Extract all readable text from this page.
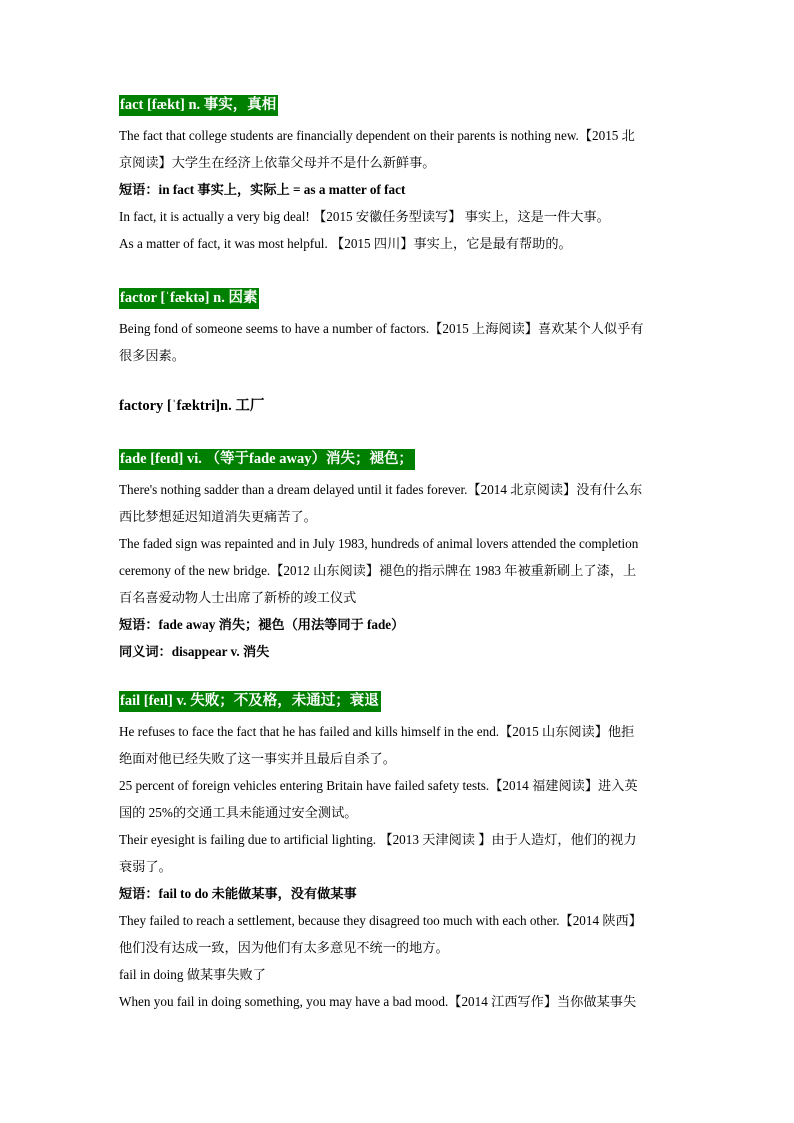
fact [fækt] n. 事实，真相
The fact that college students are financially dependent on their parents is nothing new.【2015 北
京阅读】大学生在经济上依靠父母并不是什么新鲜事。
短语：in fact 事实上，实际上 = as a matter of fact
In fact, it is actually a very big deal! 【2015 安徽任务型读写】 事实上，这是一件大事。
As a matter of fact, it was most helpful. 【2015 四川】事实上，它是最有帮助的。
factor [ˈfæktə] n. 因素
Being fond of someone seems to have a number of factors.【2015 上海阅读】喜欢某个人似乎有
很多因素。
factory [ˈfæktri]n. 工厂
fade [feɪd] vi. （等于fade away）消失；褪色；
There's nothing sadder than a dream delayed until it fades forever.【2014 北京阅读】没有什么东
西比梦想延迟知道消失更痛苦了。
The faded sign was repainted and in July 1983, hundreds of animal lovers attended the completion
ceremony of the new bridge.【2012 山东阅读】褪色的指示牌在 1983 年被重新刷上了漆，上
百名喜爱动物人士出席了新桥的竣工仪式
短语：fade away 消失；褪色（用法等同于 fade）
同义词：disappear v. 消失
fail [feɪl] v. 失败；不及格，未通过；衰退
He refuses to face the fact that he has failed and kills himself in the end.【2015 山东阅读】他拒
绝面对他已经失败了这一事实并且最后自杀了。
25 percent of foreign vehicles entering Britain have failed safety tests.【2014 福建阅读】进入英
国的 25%的交通工具未能通过安全测试。
Their eyesight is failing due to artificial lighting. 【2013 天津阅读 】由于人造灯，他们的视力
衰弱了。
短语：fail to do 未能做某事，没有做某事
They failed to reach a settlement, because they disagreed too much with each other.【2014 陕西】
他们没有达成一致，因为他们有太多意见不统一的地方。
fail in doing 做某事失败了
When you fail in doing something, you may have a bad mood.【2014 江西写作】当你做某事失
